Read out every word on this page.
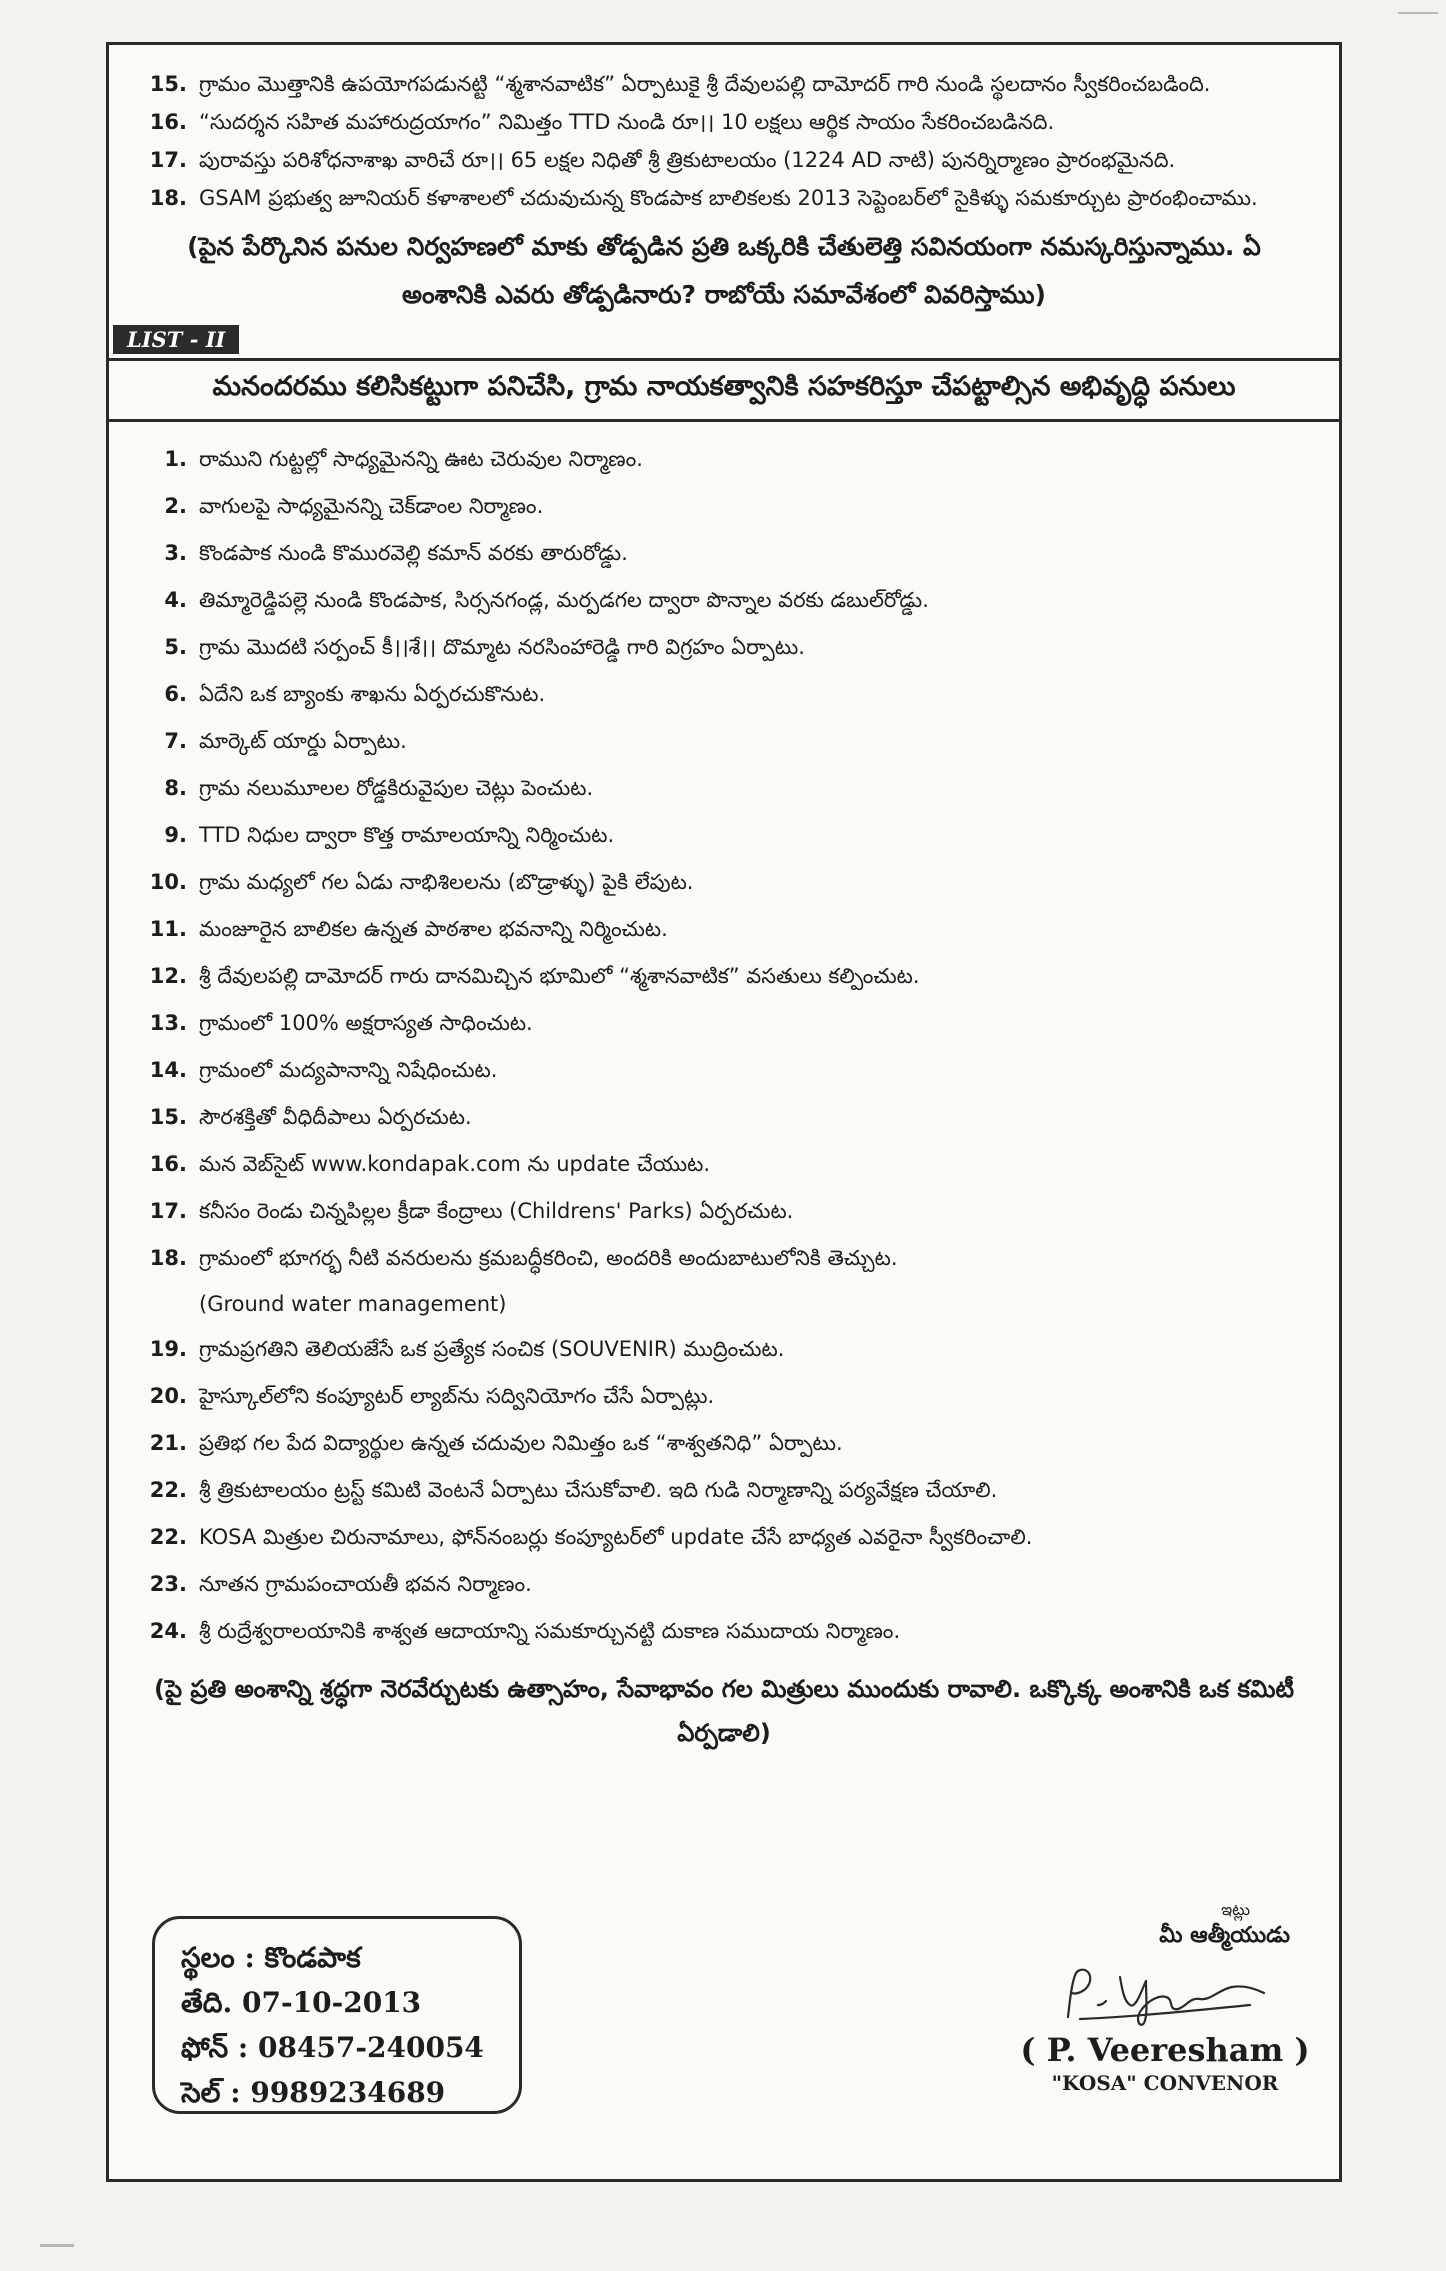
15. గ్రామం మొత్తానికి ఉపయోగపడునట్టి “శ్మశానవాటిక” ఏర్పాటుకై శ్రీ దేవులపల్లి దామోదర్ గారి నుండి స్థలదానం స్వీకరించబడింది.
16. “సుదర్శన సహిత మహారుద్రయాగం” నిమిత్తం TTD నుండి రూ।। 10 లక్షలు ఆర్థిక సాయం సేకరించబడినది.
17. పురావస్తు పరిశోధనాశాఖ వారిచే రూ।। 65 లక్షల నిధితో శ్రీ త్రికుటాలయం (1224 AD నాటి) పునర్నిర్మాణం ప్రారంభమైనది.
18. GSAM ప్రభుత్వ జూనియర్ కళాశాలలో చదువుచున్న కొండపాక బాలికలకు 2013 సెప్టెంబర్‌లో సైకిళ్ళు సమకూర్చుట ప్రారంభించాము.
(పైన పేర్కొనిన పనుల నిర్వహణలో మాకు తోడ్పడిన ప్రతి ఒక్కరికి చేతులెత్తి సవినయంగా నమస్కరిస్తున్నాము. ఏ అంశానికి ఎవరు తోడ్పడినారు? రాబోయే సమావేశంలో వివరిస్తాము)
LIST - II
మనందరము కలిసికట్టుగా పనిచేసి, గ్రామ నాయకత్వానికి సహకరిస్తూ చేపట్టాల్సిన అభివృద్ధి పనులు
1. రాముని గుట్టల్లో సాధ్యమైనన్ని ఊట చెరువుల నిర్మాణం.
2. వాగులపై సాధ్యమైనన్ని చెక్‌డాంల నిర్మాణం.
3. కొండపాక నుండి కొమురవెల్లి కమాన్ వరకు తారురోడ్డు.
4. తిమ్మారెడ్డిపల్లె నుండి కొండపాక, సిర్సనగండ్ల, మర్పడగల ద్వారా పొన్నాల వరకు డబుల్‌రోడ్డు.
5. గ్రామ మొదటి సర్పంచ్ కీ।।శే।। దొమ్మాట నరసింహారెడ్డి గారి విగ్రహం ఏర్పాటు.
6. ఏదేని ఒక బ్యాంకు శాఖను ఏర్పరచుకొనుట.
7. మార్కెట్ యార్డు ఏర్పాటు.
8. గ్రామ నలుమూలల రోడ్డకిరువైపుల చెట్లు పెంచుట.
9. TTD నిధుల ద్వారా కొత్త రామాలయాన్ని నిర్మించుట.
10. గ్రామ మధ్యలో గల ఏడు నాభిశిలలను (బొడ్రాళ్ళు) పైకి లేపుట.
11. మంజూరైన బాలికల ఉన్నత పాఠశాల భవనాన్ని నిర్మించుట.
12. శ్రీ దేవులపల్లి దామోదర్ గారు దానమిచ్చిన భూమిలో “శ్మశానవాటిక” వసతులు కల్పించుట.
13. గ్రామంలో 100% అక్షరాస్యత సాధించుట.
14. గ్రామంలో మద్యపానాన్ని నిషేధించుట.
15. సౌరశక్తితో వీధిదీపాలు ఏర్పరచుట.
16. మన వెబ్‌సైట్ www.kondapak.com ను update చేయుట.
17. కనీసం రెండు చిన్నపిల్లల క్రీడా కేంద్రాలు (Childrens' Parks) ఏర్పరచుట.
18. గ్రామంలో భూగర్భ నీటి వనరులను క్రమబద్ధీకరించి, అందరికి అందుబాటులోనికి తెచ్చుట.
(Ground water management)
19. గ్రామప్రగతిని తెలియజేసే ఒక ప్రత్యేక సంచిక (SOUVENIR) ముద్రించుట.
20. హైస్కూల్‌లోని కంప్యూటర్ ల్యాబ్‌ను సద్వినియోగం చేసే ఏర్పాట్లు.
21. ప్రతిభ గల పేద విద్యార్థుల ఉన్నత చదువుల నిమిత్తం ఒక “శాశ్వతనిధి” ఏర్పాటు.
22. శ్రీ త్రికుటాలయం ట్రస్ట్ కమిటి వెంటనే ఏర్పాటు చేసుకోవాలి. ఇది గుడి నిర్మాణాన్ని పర్యవేక్షణ చేయాలి.
22. KOSA మిత్రుల చిరునామాలు, ఫోన్‌నంబర్లు కంప్యూటర్‌లో update చేసే బాధ్యత ఎవరైనా స్వీకరించాలి.
23. నూతన గ్రామపంచాయతీ భవన నిర్మాణం.
24. శ్రీ రుద్రేశ్వరాలయానికి శాశ్వత ఆదాయాన్ని సమకూర్చునట్టి దుకాణ సముదాయ నిర్మాణం.
(పై ప్రతి అంశాన్ని శ్రద్ధగా నెరవేర్చుటకు ఉత్సాహం, సేవాభావం గల మిత్రులు ముందుకు రావాలి. ఒక్కొక్క అంశానికి ఒక కమిటీ ఏర్పడాలి)
స్థలం : కొండపాక
తేది. 07-10-2013
ఫోన్ : 08457-240054
సెల్ : 9989234689
ఇట్లు
మీ ఆత్మీయుడు
( P. Veeresham )
"KOSA" CONVENOR
